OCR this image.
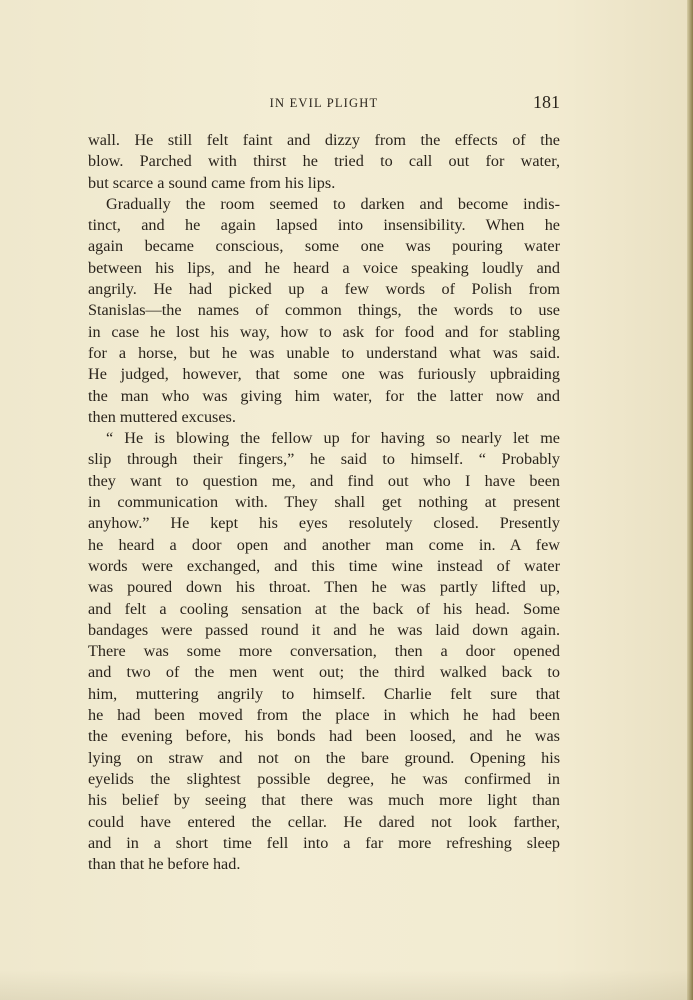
IN EVIL PLIGHT	181
wall. He still felt faint and dizzy from the effects of the
blow. Parched with thirst he tried to call out for water,
but scarce a sound came from his lips.
Gradually the room seemed to darken and become indis-
tinct, and he again lapsed into insensibility. When he
again became conscious, some one was pouring water
between his lips, and he heard a voice speaking loudly and
angrily. He had picked up a few words of Polish from
Stanislas—the names of common things, the words to use
in case he lost his way, how to ask for food and for stabling
for a horse, but he was unable to understand what was said.
He judged, however, that some one was furiously upbraiding
the man who was giving him water, for the latter now and
then muttered excuses.
“ He is blowing the fellow up for having so nearly let me
slip through their fingers,” he said to himself. “ Probably
they want to question me, and find out who I have been
in communication with. They shall get nothing at present
anyhow.” He kept his eyes resolutely closed. Presently
he heard a door open and another man come in. A few
words were exchanged, and this time wine instead of water
was poured down his throat. Then he was partly lifted up,
and felt a cooling sensation at the back of his head. Some
bandages were passed round it and he was laid down again.
There was some more conversation, then a door opened
and two of the men went out; the third walked back to
him, muttering angrily to himself. Charlie felt sure that
he had been moved from the place in which he had been
the evening before, his bonds had been loosed, and he was
lying on straw and not on the bare ground. Opening his
eyelids the slightest possible degree, he was confirmed in
his belief by seeing that there was much more light than
could have entered the cellar. He dared not look farther,
and in a short time fell into a far more refreshing sleep
than that he before had.
